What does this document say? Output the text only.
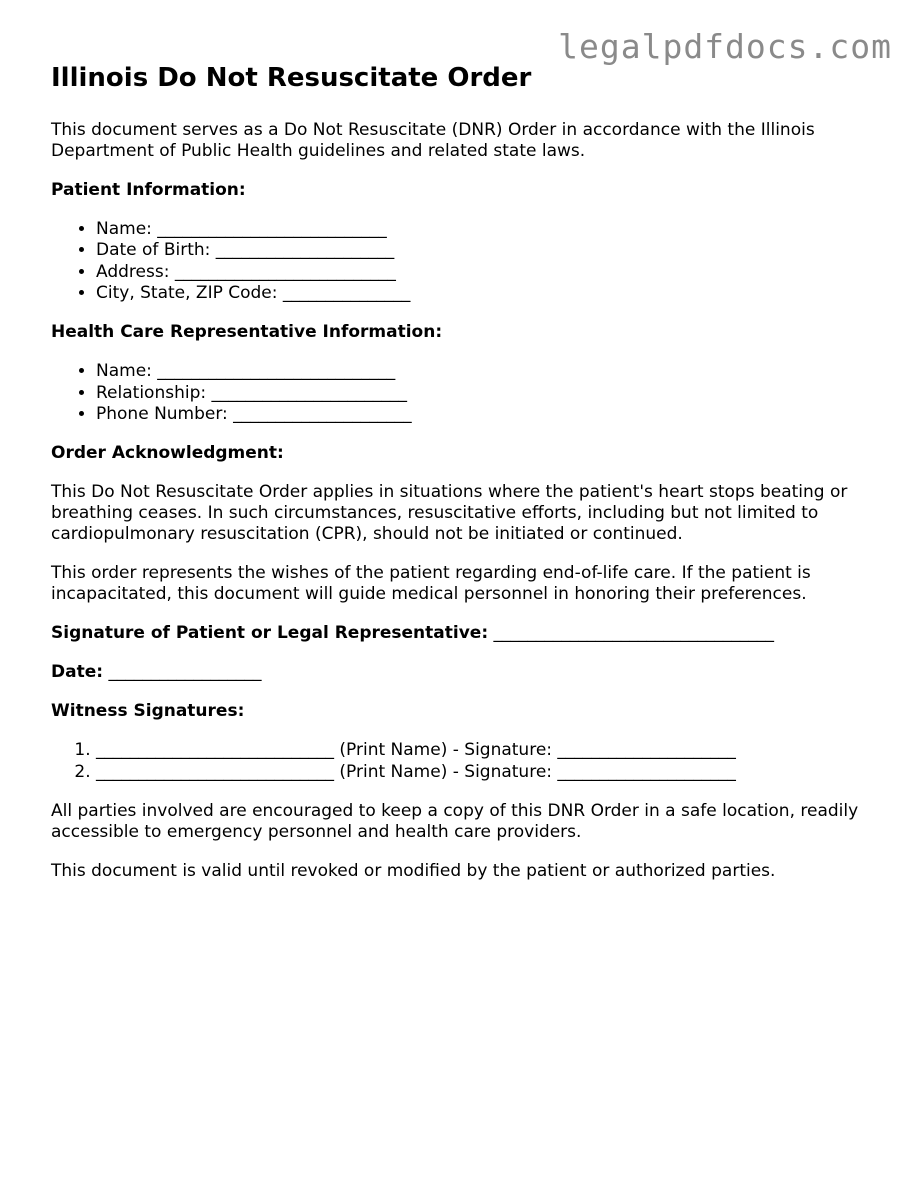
legalpdfdocs.com
Illinois Do Not Resuscitate Order

This document serves as a Do Not Resuscitate (DNR) Order in accordance with the Illinois Department of Public Health guidelines and related state laws.

Patient Information:
• Name: ___________________________
• Date of Birth: _____________________
• Address: __________________________
• City, State, ZIP Code: _______________
Health Care Representative Information:
• Name: ____________________________
• Relationship: _______________________
• Phone Number: _____________________
Order Acknowledgment:

This Do Not Resuscitate Order applies in situations where the patient's heart stops beating or breathing ceases. In such circumstances, resuscitative efforts, including but not limited to cardiopulmonary resuscitation (CPR), should not be initiated or continued.

This order represents the wishes of the patient regarding end-of-life care. If the patient is incapacitated, this document will guide medical personnel in honoring their preferences.

Signature of Patient or Legal Representative: _________________________________
Date: __________________
Witness Signatures:
1. ____________________________ (Print Name) - Signature: _____________________
2. ____________________________ (Print Name) - Signature: _____________________

All parties involved are encouraged to keep a copy of this DNR Order in a safe location, readily accessible to emergency personnel and health care providers.

This document is valid until revoked or modified by the patient or authorized parties.
